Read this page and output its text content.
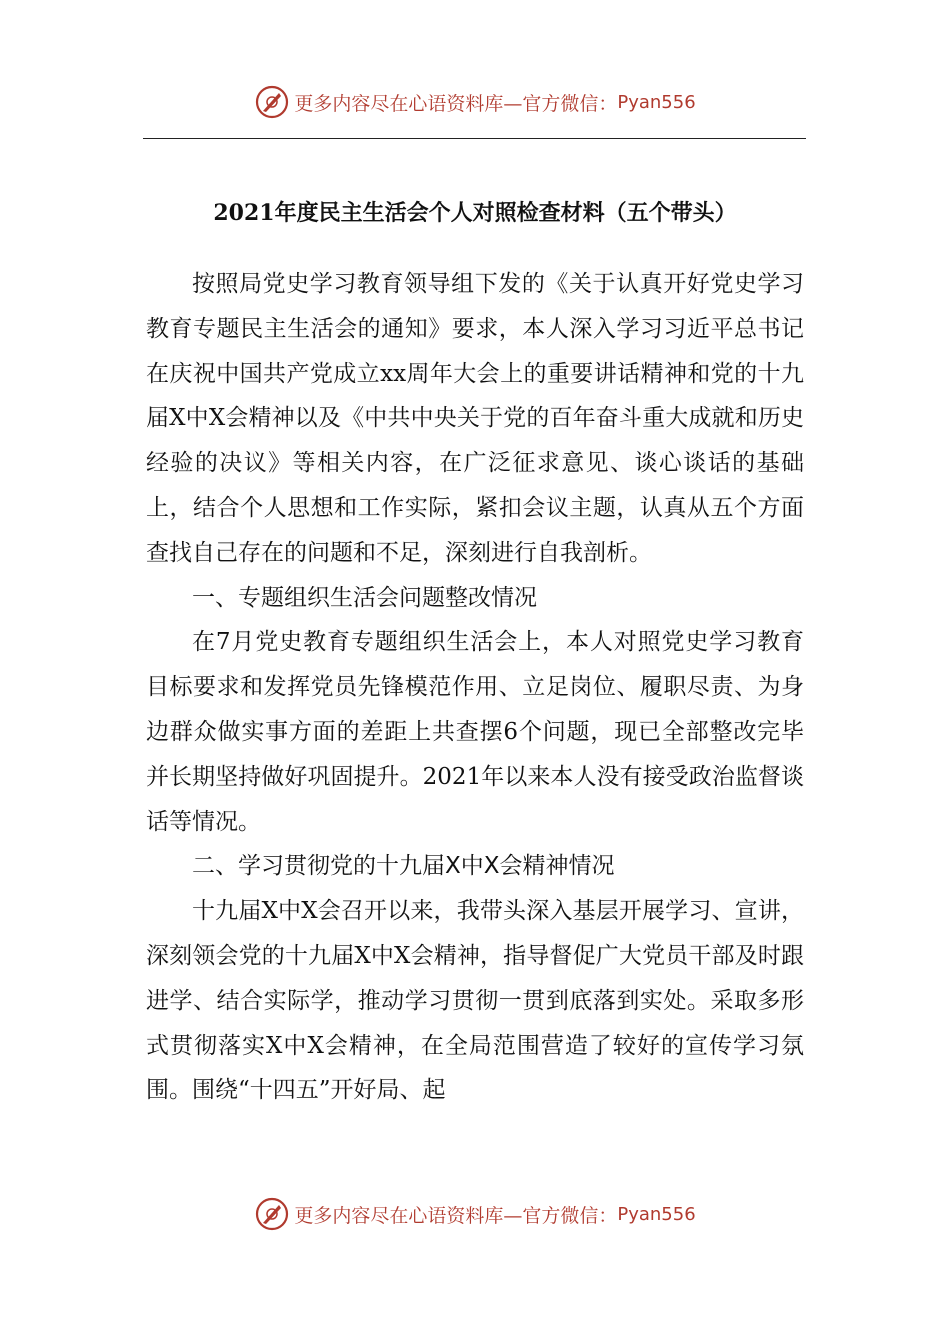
更多内容尽在心语资料库—官方微信： Pyan556
2021年度民主生活会个人对照检查材料（五个带头）

按照局党史学习教育领导组下发的《关于认真开好党史学习教育专题民主生活会的通知》要求，本人深入学习习近平总书记在庆祝中国共产党成立xx周年大会上的重要讲话精神和党的十九届X中X会精神以及《中共中央关于党的百年奋斗重大成就和历史经验的决议》等相关内容，在广泛征求意见、谈心谈话的基础上，结合个人思想和工作实际，紧扣会议主题，认真从五个方面查找自己存在的问题和不足，深刻进行自我剖析。

一、专题组织生活会问题整改情况

在7月党史教育专题组织生活会上，本人对照党史学习教育目标要求和发挥党员先锋模范作用、立足岗位、履职尽责、为身边群众做实事方面的差距上共查摆6个问题，现已全部整改完毕并长期坚持做好巩固提升。2021年以来本人没有接受政治监督谈话等情况。

二、学习贯彻党的十九届X中X会精神情况

十九届X中X会召开以来，我带头深入基层开展学习、宣讲，深刻领会党的十九届X中X会精神，指导督促广大党员干部及时跟进学、结合实际学，推动学习贯彻一贯到底落到实处。采取多形式贯彻落实X中X会精神，在全局范围营造了较好的宣传学习氛围。围绕“十四五”开好局、起

更多内容尽在心语资料库—官方微信： Pyan556
